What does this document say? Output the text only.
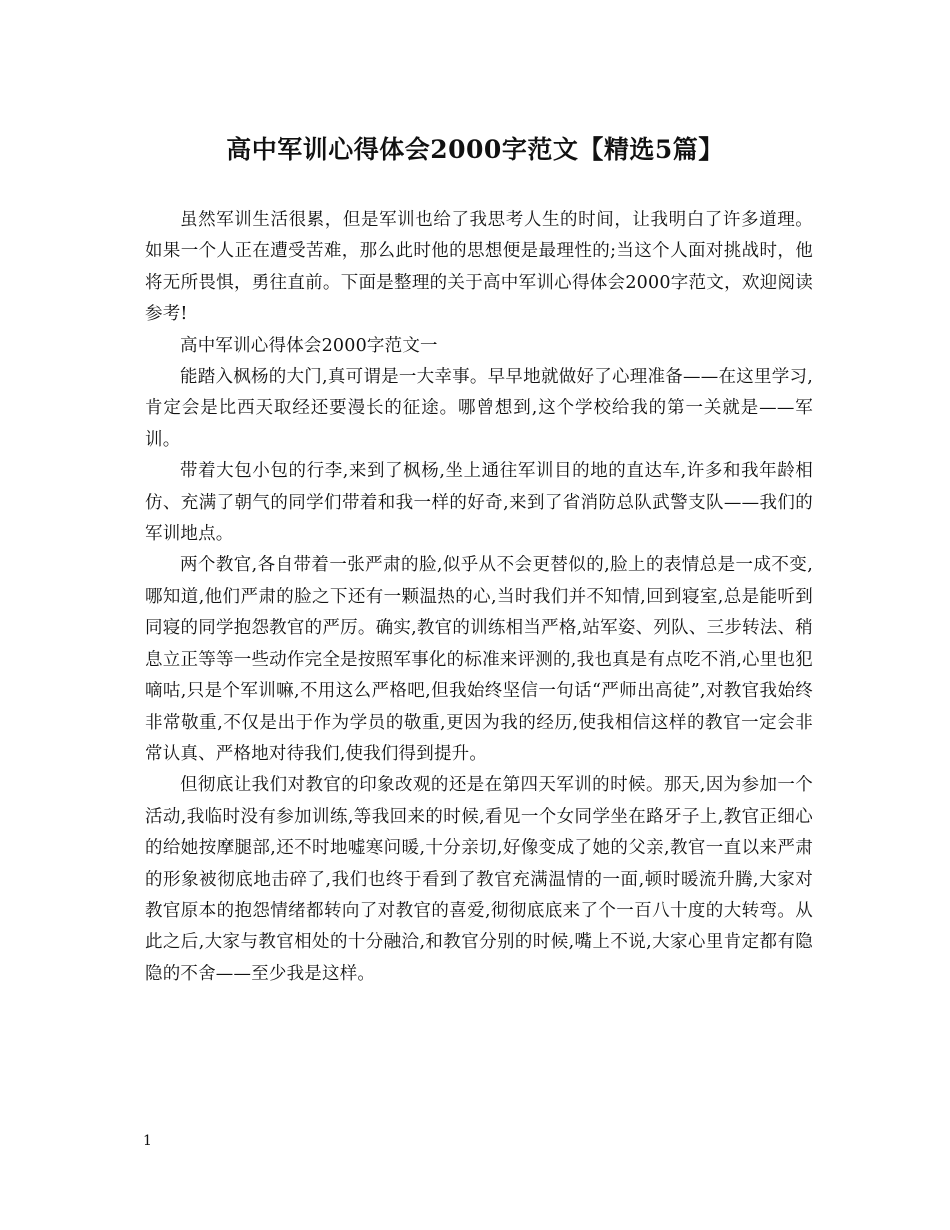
高中军训心得体会2000字范文【精选5篇】

虽然军训生活很累，但是军训也给了我思考人生的时间，让我明白了许多道理。如果一个人正在遭受苦难，那么此时他的思想便是最理性的;当这个人面对挑战时，他将无所畏惧，勇往直前。下面是整理的关于高中军训心得体会2000字范文，欢迎阅读参考!

高中军训心得体会2000字范文一

能踏入枫杨的大门,真可谓是一大幸事。早早地就做好了心理准备——在这里学习,肯定会是比西天取经还要漫长的征途。哪曾想到,这个学校给我的第一关就是——军训。

带着大包小包的行李,来到了枫杨,坐上通往军训目的地的直达车,许多和我年龄相仿、充满了朝气的同学们带着和我一样的好奇,来到了省消防总队武警支队——我们的军训地点。

两个教官,各自带着一张严肃的脸,似乎从不会更替似的,脸上的表情总是一成不变,哪知道,他们严肃的脸之下还有一颗温热的心,当时我们并不知情,回到寝室,总是能听到同寝的同学抱怨教官的严厉。确实,教官的训练相当严格,站军姿、列队、三步转法、稍息立正等等一些动作完全是按照军事化的标准来评测的,我也真是有点吃不消,心里也犯嘀咕,只是个军训嘛,不用这么严格吧,但我始终坚信一句话“严师出高徒”,对教官我始终非常敬重,不仅是出于作为学员的敬重,更因为我的经历,使我相信这样的教官一定会非常认真、严格地对待我们,使我们得到提升。

但彻底让我们对教官的印象改观的还是在第四天军训的时候。那天,因为参加一个活动,我临时没有参加训练,等我回来的时候,看见一个女同学坐在路牙子上,教官正细心的给她按摩腿部,还不时地嘘寒问暖,十分亲切,好像变成了她的父亲,教官一直以来严肃的形象被彻底地击碎了,我们也终于看到了教官充满温情的一面,顿时暖流升腾,大家对教官原本的抱怨情绪都转向了对教官的喜爱,彻彻底底来了个一百八十度的大转弯。从此之后,大家与教官相处的十分融洽,和教官分别的时候,嘴上不说,大家心里肯定都有隐隐的不舍——至少我是这样。

1
